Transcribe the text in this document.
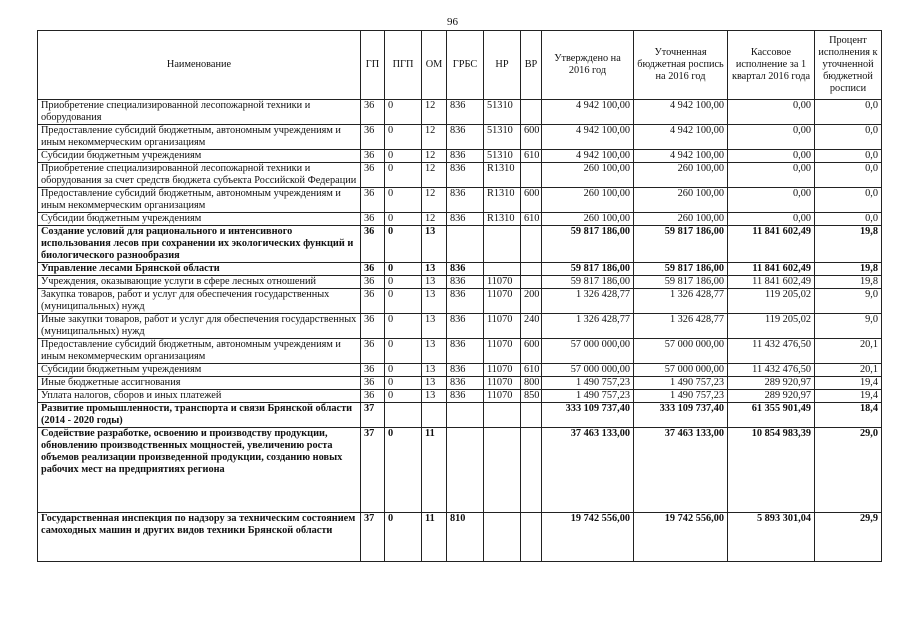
96
Наименование	ГП	ПГП	ОМ	ГРБС	НР	ВР	Утверждено на 2016 год	Уточненная бюджетная роспись на 2016 год	Кассовое исполнение за 1 квартал 2016 года	Процент исполнения к уточненной бюджетной росписи
Приобретение специализированной лесопожарной техники и оборудования	36	0	12	836	51310		4 942 100,00	4 942 100,00	0,00	0,0
Предоставление субсидий бюджетным, автономным учреждениям и иным некоммерческим организациям	36	0	12	836	51310	600	4 942 100,00	4 942 100,00	0,00	0,0
Субсидии бюджетным учреждениям	36	0	12	836	51310	610	4 942 100,00	4 942 100,00	0,00	0,0
Приобретение специализированной лесопожарной техники и оборудования за счет средств бюджета субъекта Российской Федерации	36	0	12	836	R1310		260 100,00	260 100,00	0,00	0,0
Предоставление субсидий бюджетным, автономным учреждениям и иным некоммерческим организациям	36	0	12	836	R1310	600	260 100,00	260 100,00	0,00	0,0
Субсидии бюджетным учреждениям	36	0	12	836	R1310	610	260 100,00	260 100,00	0,00	0,0
Создание условий для рационального и интенсивного использования лесов при сохранении их экологических функций и биологического разнообразия	36	0	13				59 817 186,00	59 817 186,00	11 841 602,49	19,8
Управление лесами Брянской области	36	0	13	836			59 817 186,00	59 817 186,00	11 841 602,49	19,8
Учреждения, оказывающие услуги в сфере лесных отношений	36	0	13	836	11070		59 817 186,00	59 817 186,00	11 841 602,49	19,8
Закупка товаров, работ и услуг для обеспечения государственных (муниципальных) нужд	36	0	13	836	11070	200	1 326 428,77	1 326 428,77	119 205,02	9,0
Иные закупки товаров, работ и услуг для обеспечения государственных (муниципальных) нужд	36	0	13	836	11070	240	1 326 428,77	1 326 428,77	119 205,02	9,0
Предоставление субсидий бюджетным, автономным учреждениям и иным некоммерческим организациям	36	0	13	836	11070	600	57 000 000,00	57 000 000,00	11 432 476,50	20,1
Субсидии бюджетным учреждениям	36	0	13	836	11070	610	57 000 000,00	57 000 000,00	11 432 476,50	20,1
Иные бюджетные ассигнования	36	0	13	836	11070	800	1 490 757,23	1 490 757,23	289 920,97	19,4
Уплата налогов, сборов и иных платежей	36	0	13	836	11070	850	1 490 757,23	1 490 757,23	289 920,97	19,4
Развитие промышленности, транспорта и связи Брянской области (2014 - 2020 годы)	37						333 109 737,40	333 109 737,40	61 355 901,49	18,4
Содействие разработке, освоению и производству продукции, обновлению производственных мощностей, увеличению роста объемов реализации произведенной продукции, созданию новых рабочих мест на предприятиях региона	37	0	11				37 463 133,00	37 463 133,00	10 854 983,39	29,0
Государственная инспекция по надзору за техническим состоянием самоходных машин и других видов техники Брянской области	37	0	11	810			19 742 556,00	19 742 556,00	5 893 301,04	29,9
